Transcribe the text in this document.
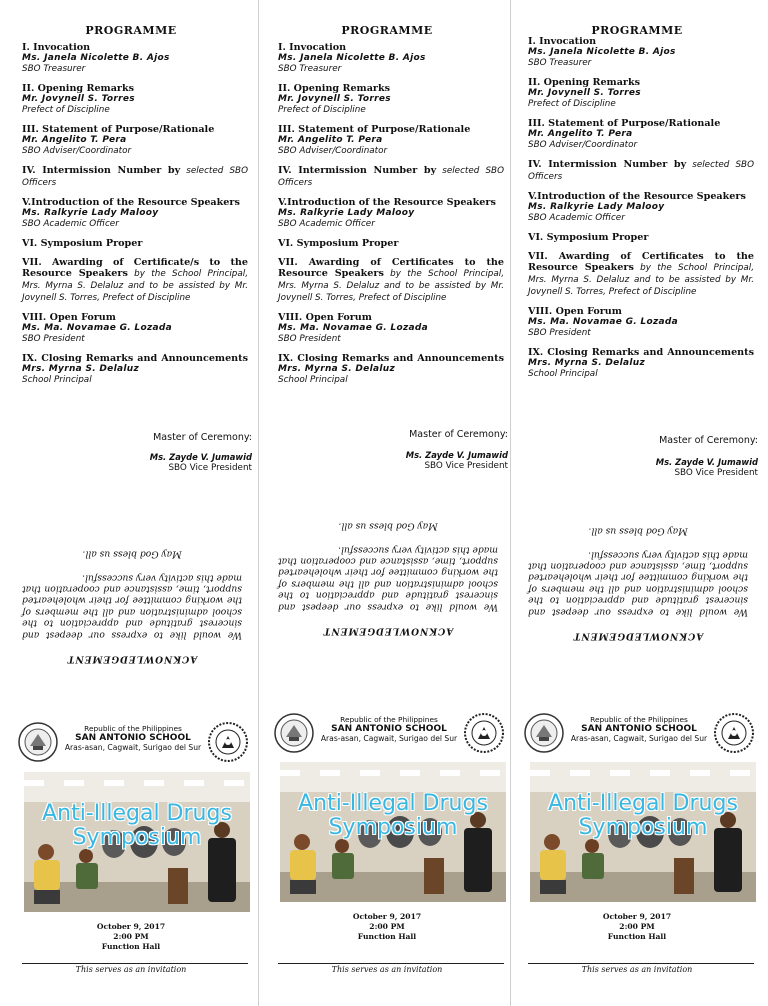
PROGRAMME
I. Invocation
Ms. Janela Nicolette B. Ajos
SBO Treasurer
II. Opening Remarks
Mr. Jovynell S. Torres
Prefect of Discipline
III. Statement of Purpose/Rationale
Mr. Angelito T. Pera
SBO Adviser/Coordinator
IV. Intermission Number by selected SBO Officers
V.Introduction of the Resource Speakers
Ms. Ralkyrie Lady Malooy
SBO Academic Officer
VI. Symposium Proper
VII. Awarding of Certificate/s to the Resource Speakers by the School Principal, Mrs. Myrna S. Delaluz and to be assisted by Mr. Jovynell S. Torres, Prefect of Discipline
VIII. Open Forum
Ms. Ma. Novamae G. Lozada
SBO President
IX. Closing Remarks and Announcements
Mrs. Myrna S. Delaluz
School Principal
Master of Ceremony:
Ms. Zayde V. Jumawid
SBO Vice President
ACKNOWLEDGEMENT
We would like to express our deepest and sincerest gratitude and appreciation to the school administration and all the members of the working committee for their wholehearted support, time, assistance and cooperation that made this activity very successful.
May God bless us all.
Republic of the Philippines
SAN ANTONIO SCHOOL
Aras-asan, Cagwait, Surigao del Sur
Anti-Illegal Drugs
Symposium
October 9, 2017
2:00 PM
Function Hall
This serves as an invitation
PROGRAMME
I. Invocation
Ms. Janela Nicolette B. Ajos
SBO Treasurer
II. Opening Remarks
Mr. Jovynell S. Torres
Prefect of Discipline
III. Statement of Purpose/Rationale
Mr. Angelito T. Pera
SBO Adviser/Coordinator
IV. Intermission Number by selected SBO Officers
V.Introduction of the Resource Speakers
Ms. Ralkyrie Lady Malooy
SBO Academic Officer
VI. Symposium Proper
VII. Awarding of Certificates to the Resource Speakers by the School Principal, Mrs. Myrna S. Delaluz and to be assisted by Mr. Jovynell S. Torres, Prefect of Discipline
VIII. Open Forum
Ms. Ma. Novamae G. Lozada
SBO President
IX. Closing Remarks and Announcements
Mrs. Myrna S. Delaluz
School Principal
Master of Ceremony:
Ms. Zayde V. Jumawid
SBO Vice President
ACKNOWLEDGEMENT
We would like to express our deepest and sincerest gratitude and appreciation to the school administration and all the members of the working committee for their wholehearted support, time, assistance and cooperation that made this activity very successful.
May God bless us all.
Republic of the Philippines
SAN ANTONIO SCHOOL
Aras-asan, Cagwait, Surigao del Sur
Anti-Illegal Drugs
Symposium
October 9, 2017
2:00 PM
Function Hall
This serves as an invitation
PROGRAMME
I. Invocation
Ms. Janela Nicolette B. Ajos
SBO Treasurer
II. Opening Remarks
Mr. Jovynell S. Torres
Prefect of Discipline
III. Statement of Purpose/Rationale
Mr. Angelito T. Pera
SBO Adviser/Coordinator
IV. Intermission Number by selected SBO Officers
V.Introduction of the Resource Speakers
Ms. Ralkyrie Lady Malooy
SBO Academic Officer
VI. Symposium Proper
VII. Awarding of Certificates to the Resource Speakers by the School Principal, Mrs. Myrna S. Delaluz and to be assisted by Mr. Jovynell S. Torres, Prefect of Discipline
VIII. Open Forum
Ms. Ma. Novamae G. Lozada
SBO President
IX. Closing Remarks and Announcements
Mrs. Myrna S. Delaluz
School Principal
Master of Ceremony:
Ms. Zayde V. Jumawid
SBO Vice President
ACKNOWLEDGEMENT
We would like to express our deepest and sincerest gratitude and appreciation to the school administration and all the members of the working committee for their wholehearted support, time, assistance and cooperation that made this activity very successful.
May God bless us all.
Republic of the Philippines
SAN ANTONIO SCHOOL
Aras-asan, Cagwait, Surigao del Sur
Anti-Illegal Drugs
Symposium
October 9, 2017
2:00 PM
Function Hall
This serves as an invitation
